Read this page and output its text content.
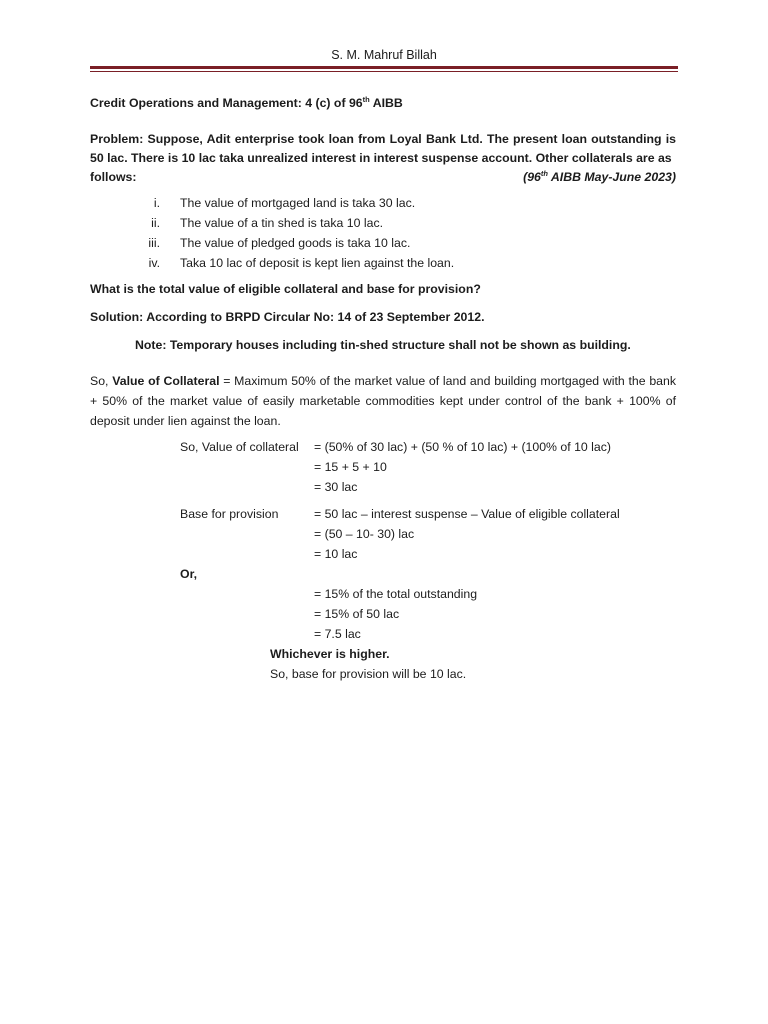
S. M. Mahruf Billah

Credit Operations and Management: 4 (c) of 96th AIBB

Problem: Suppose, Adit enterprise took loan from Loyal Bank Ltd. The present loan outstanding is 50 lac. There is 10 lac taka unrealized interest in interest suspense account. Other collaterals are as
follows:	(96th AIBB May-June 2023)
i. The value of mortgaged land is taka 30 lac.
ii. The value of a tin shed is taka 10 lac.
iii. The value of pledged goods is taka 10 lac.
iv. Taka 10 lac of deposit is kept lien against the loan.
What is the total value of eligible collateral and base for provision?
Solution: According to BRPD Circular No: 14 of 23 September 2012.
Note: Temporary houses including tin-shed structure shall not be shown as building.
So, Value of Collateral = Maximum 50% of the market value of land and building mortgaged with the bank + 50% of the market value of easily marketable commodities kept under control of the bank + 100% of deposit under lien against the loan.
So, Value of collateral = (50% of 30 lac) + (50 % of 10 lac) + (100% of 10 lac)
= 15 + 5 + 10
= 30 lac
Base for provision	= 50 lac – interest suspense – Value of eligible collateral
= (50 – 10- 30) lac
= 10 lac
Or,
= 15% of the total outstanding
= 15% of 50 lac
= 7.5 lac
Whichever is higher.
So, base for provision will be 10 lac.
